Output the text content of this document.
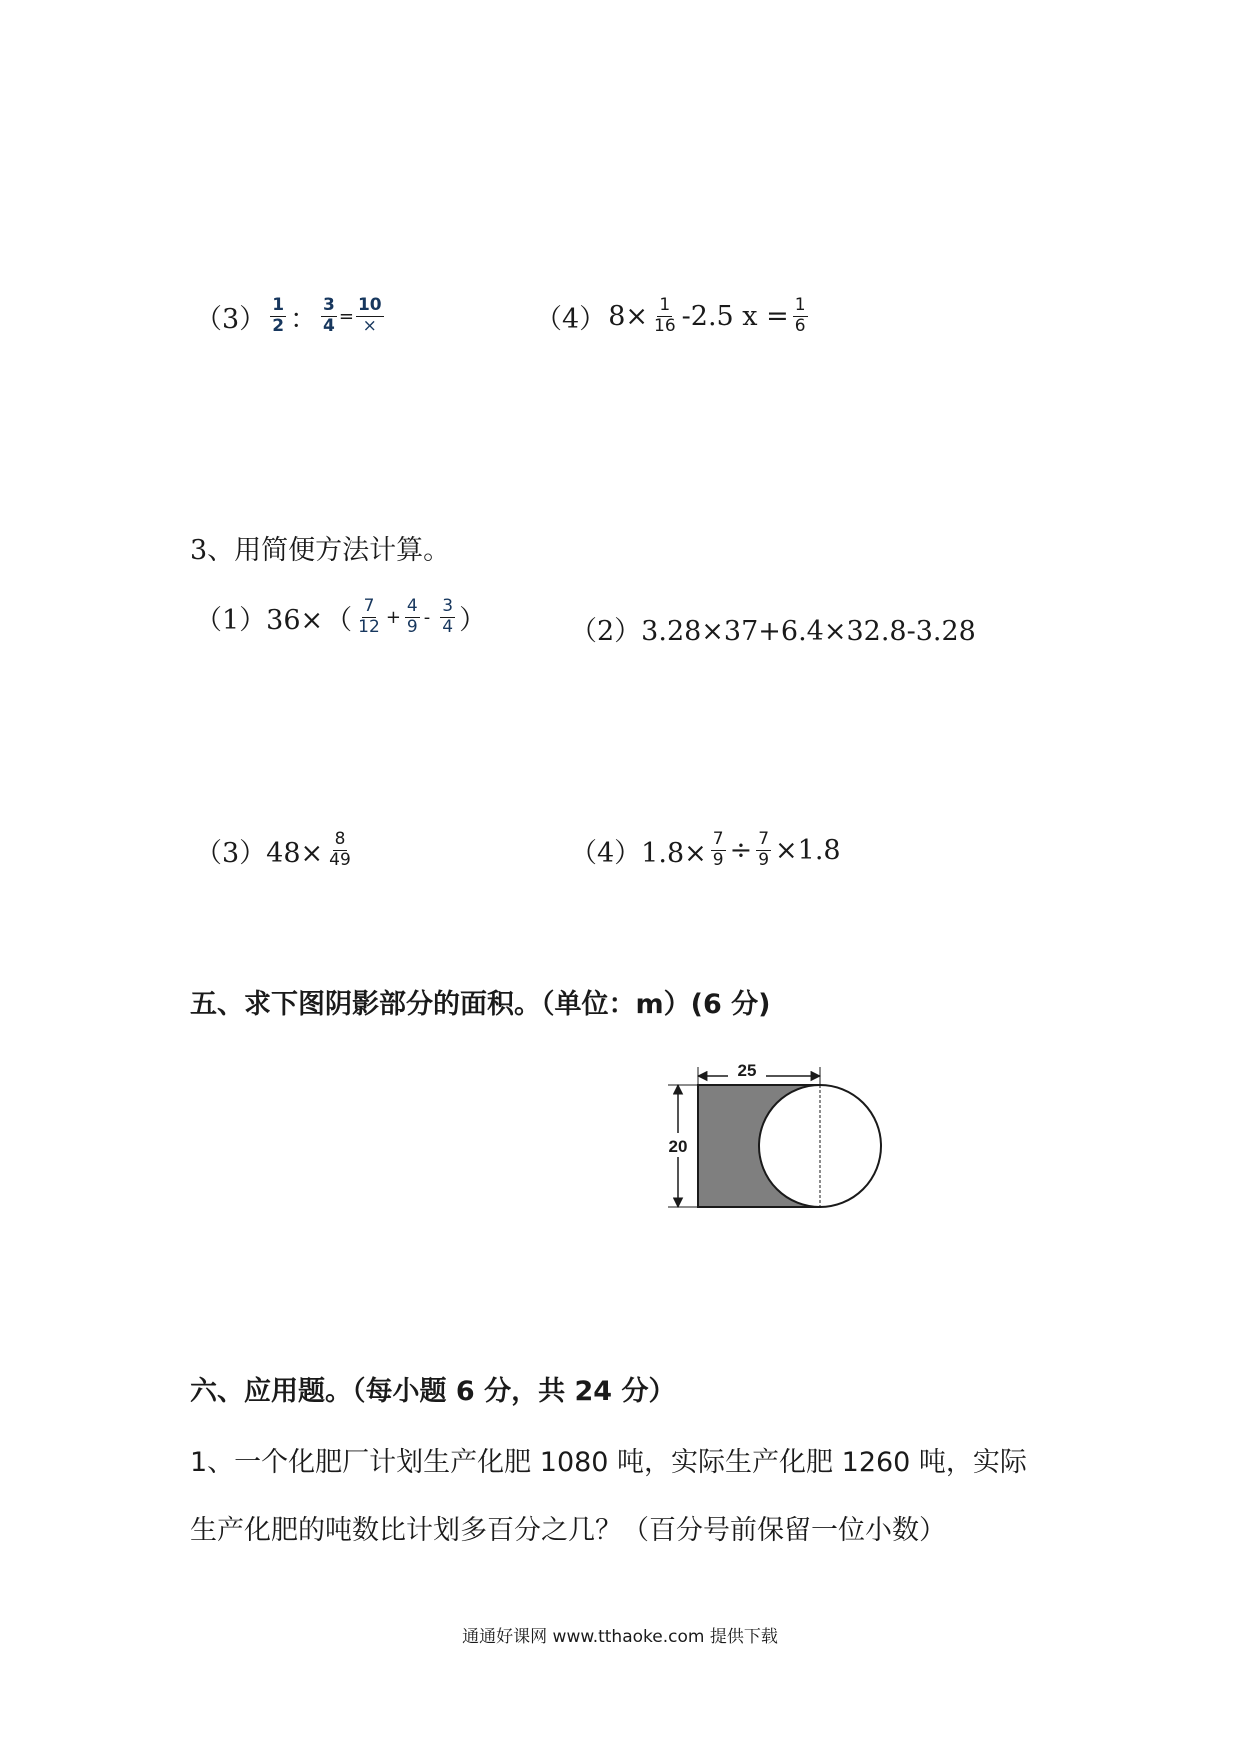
$(3) \frac{1}{2}$ ： $\frac{3}{4} = \frac{10}{\times}$	（4） $8\times \frac{1}{16} -2.5$ $x = \frac{1}{6}$
3、用简便方法计算。
（1）36× （ $\frac{7}{12} + \frac{4}{9} - \frac{3}{4}$ ）	（2）3.28×37+6.4×32.8-3.28
$(3)48\times \frac{8}{49}$	$(4)1.8\times \frac{7}{9} \div \frac{7}{9} \times 1.8$
五、求下图阴影部分的面积。（单位：m）(6 分)
25
20
六、应用题。（每小题 6 分，共 24 分）
1、一个化肥厂计划生产化肥 1080 吨，实际生产化肥 1260 吨，实际
生产化肥的吨数比计划多百分之几？（百分号前保留一位小数）
通通好课网 www.tthaoke.com 提供下载
